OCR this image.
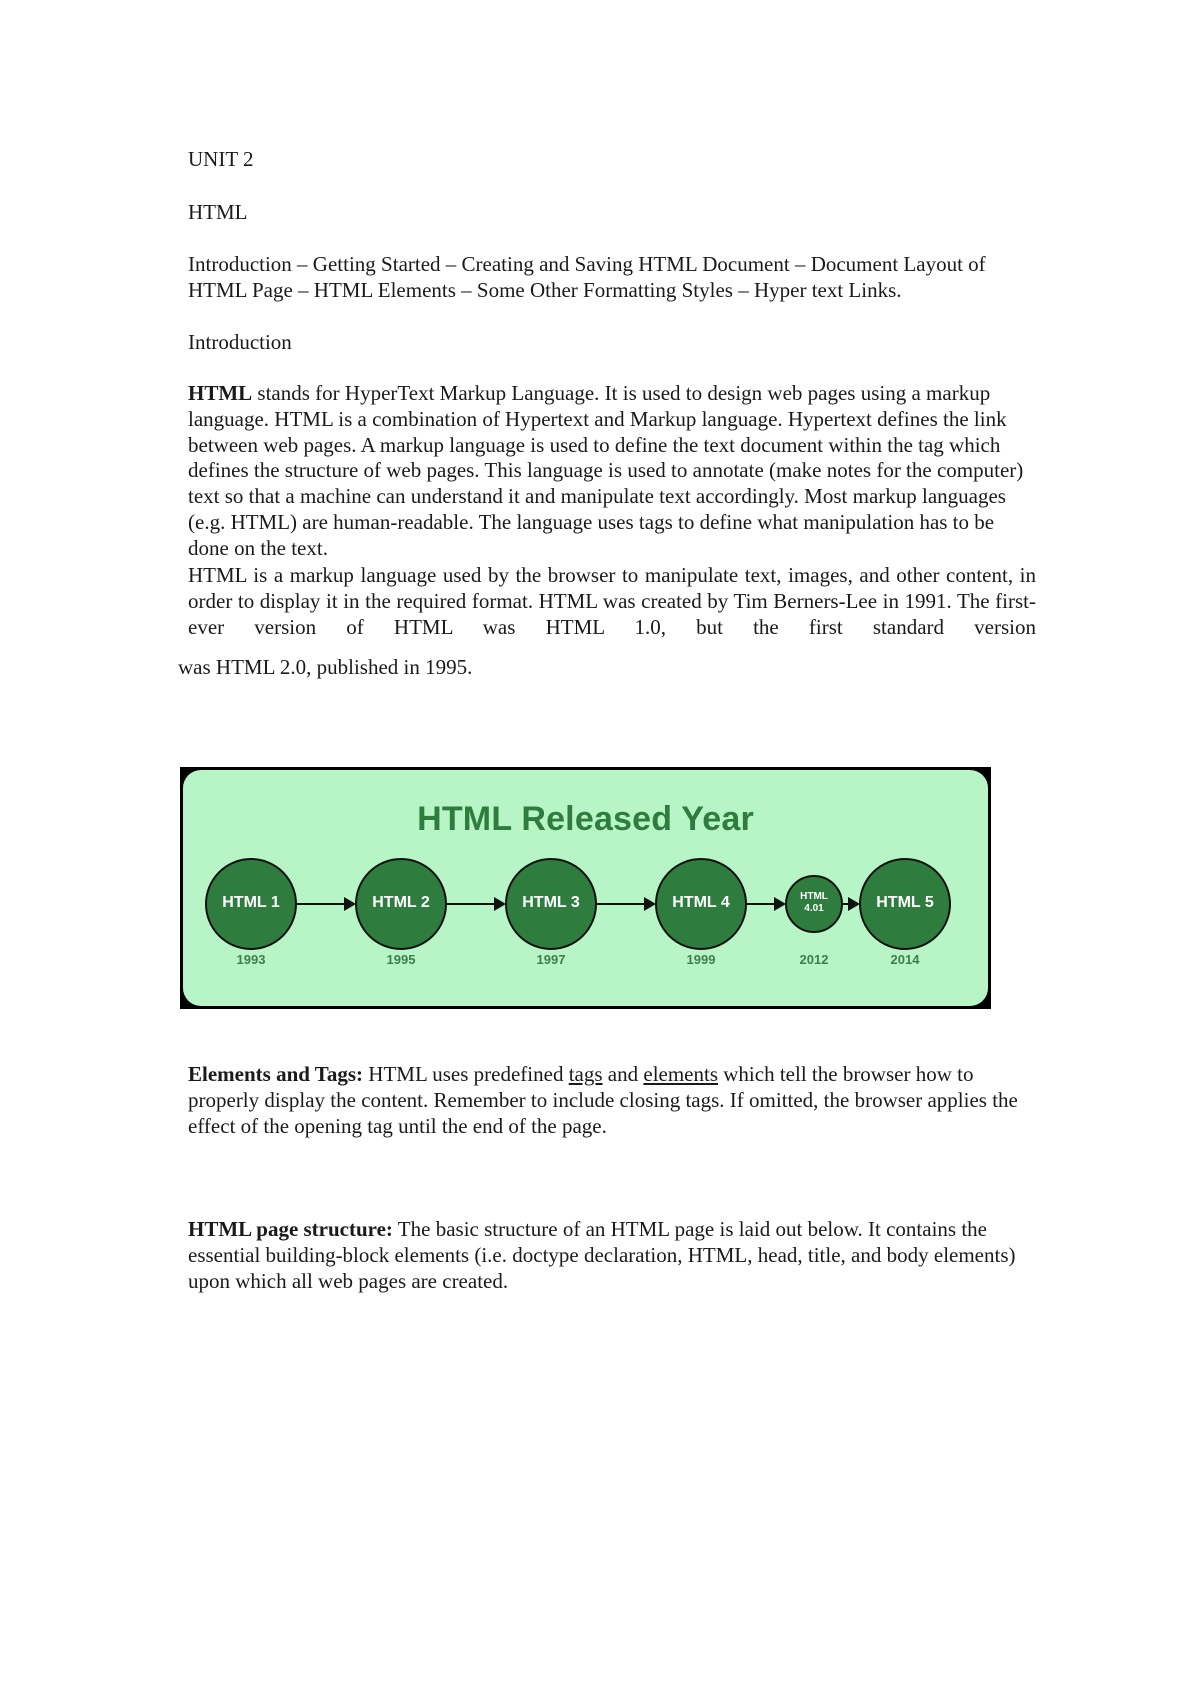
UNIT 2
HTML
Introduction – Getting Started – Creating and Saving HTML Document – Document Layout of HTML Page – HTML Elements – Some Other Formatting Styles – Hyper text Links.
Introduction
HTML stands for HyperText Markup Language. It is used to design web pages using a markup language. HTML is a combination of Hypertext and Markup language. Hypertext defines the link between web pages. A markup language is used to define the text document within the tag which defines the structure of web pages. This language is used to annotate (make notes for the computer) text so that a machine can understand it and manipulate text accordingly. Most markup languages (e.g. HTML) are human-readable. The language uses tags to define what manipulation has to be done on the text.
HTML is a markup language used by the browser to manipulate text, images, and other content, in order to display it in the required format. HTML was created by Tim Berners-Lee in 1991. The first-ever version of HTML was HTML 1.0, but the first standard version
was HTML 2.0, published in 1995.
HTML Released Year
HTML 1
1993
HTML 2
1995
HTML 3
1997
HTML 4
1999
HTML 4.01
2012
HTML 5
2014
Elements and Tags: HTML uses predefined tags and elements which tell the browser how to properly display the content. Remember to include closing tags. If omitted, the browser applies the effect of the opening tag until the end of the page.
HTML page structure: The basic structure of an HTML page is laid out below. It contains the essential building-block elements (i.e. doctype declaration, HTML, head, title, and body elements) upon which all web pages are created.
